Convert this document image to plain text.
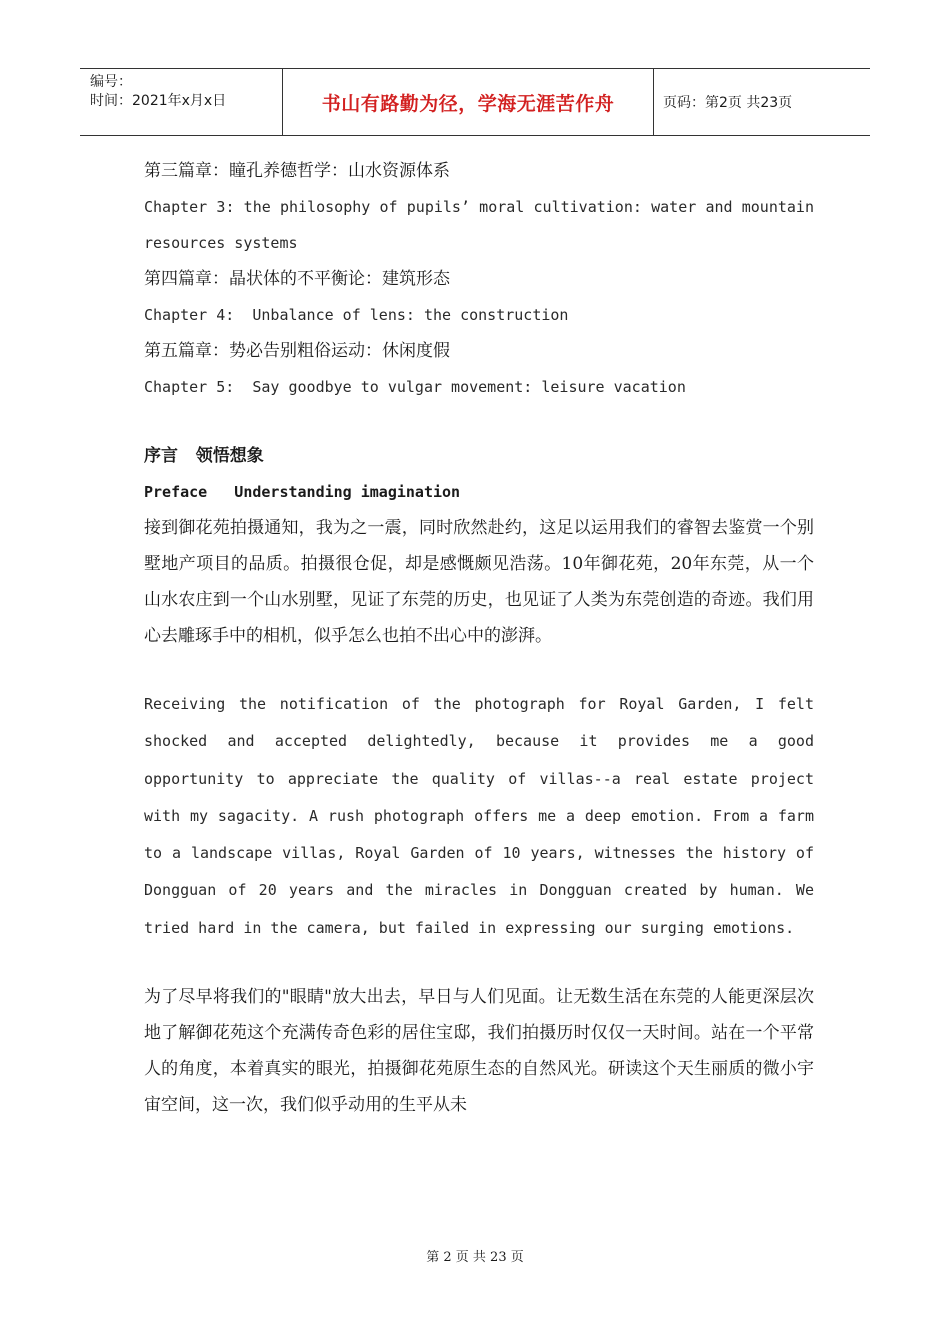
编号：
时间：2021年x月x日	书山有路勤为径，学海无涯苦作舟	页码：第2页 共23页

第三篇章：瞳孔养德哲学：山水资源体系

Chapter 3: the philosophy of pupils’ moral cultivation: water and mountain resources systems

第四篇章：晶状体的不平衡论：建筑形态

Chapter 4:  Unbalance of lens: the construction

第五篇章：势必告别粗俗运动：休闲度假

Chapter 5:  Say goodbye to vulgar movement: leisure vacation

序言   领悟想象

Preface   Understanding imagination

接到御花苑拍摄通知，我为之一震，同时欣然赴约，这足以运用我们的睿智去鉴赏一个别墅地产项目的品质。拍摄很仓促，却是感慨颇见浩荡。10年御花苑，20年东莞，从一个山水农庄到一个山水别墅，见证了东莞的历史，也见证了人类为东莞创造的奇迹。我们用心去雕琢手中的相机，似乎怎么也拍不出心中的澎湃。

Receiving the notification of the photograph for Royal Garden, I felt shocked and accepted delightedly, because it provides me a good opportunity to appreciate the quality of villas--a real estate project with my sagacity. A rush photograph offers me a deep emotion. From a farm to a landscape villas, Royal Garden of 10 years, witnesses the history of Dongguan of 20 years and the miracles in Dongguan created by human. We tried hard in the camera, but failed in expressing our surging emotions.

为了尽早将我们的"眼睛"放大出去，早日与人们见面。让无数生活在东莞的人能更深层次地了解御花苑这个充满传奇色彩的居住宝邸，我们拍摄历时仅仅一天时间。站在一个平常人的角度，本着真实的眼光，拍摄御花苑原生态的自然风光。研读这个天生丽质的微小宇宙空间，这一次，我们似乎动用的生平从未

第 2 页 共 23 页
